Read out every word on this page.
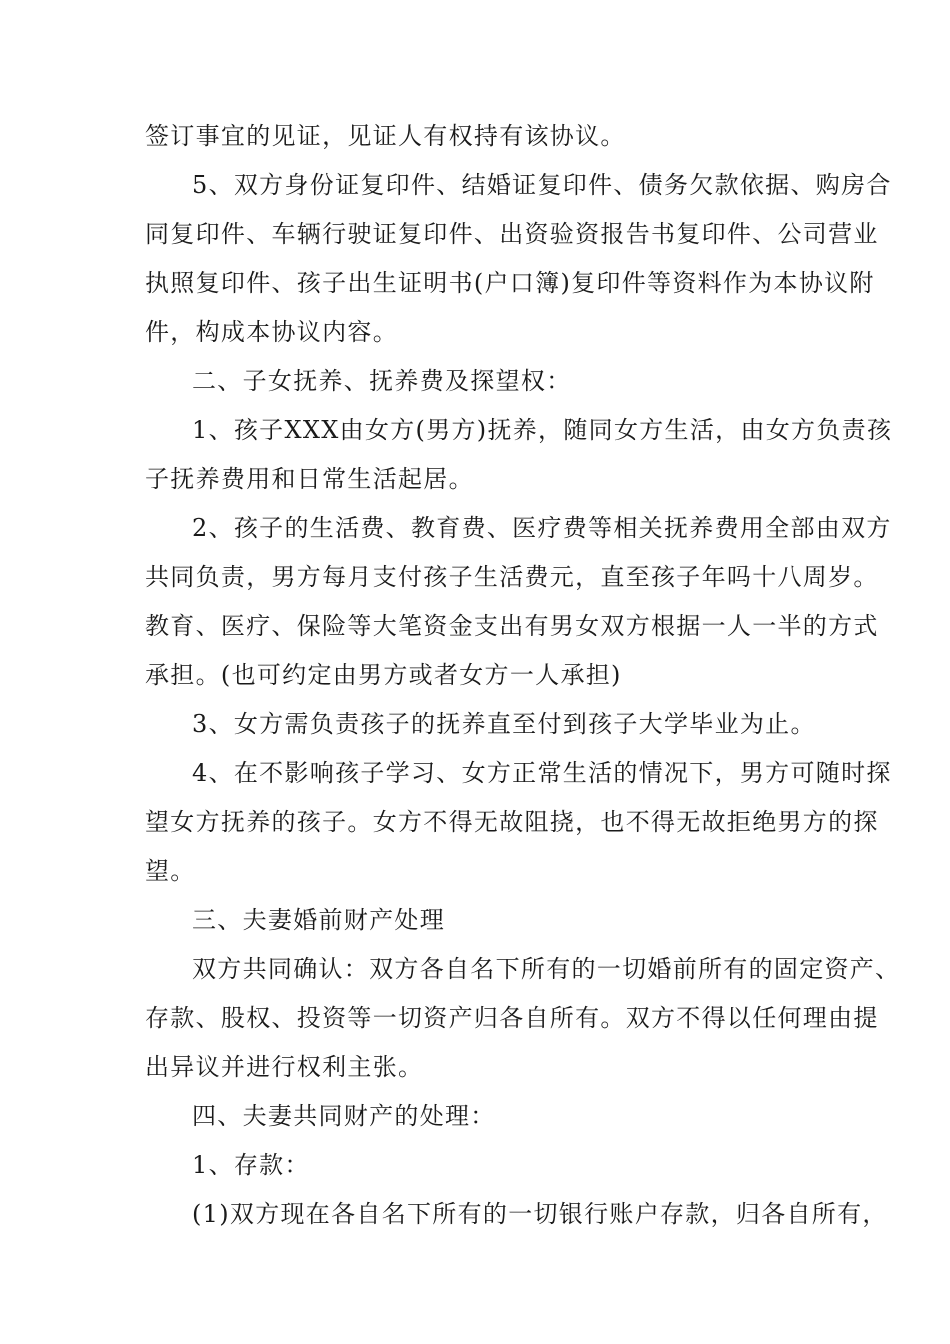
签订事宜的见证，见证人有权持有该协议。
5、双方身份证复印件、结婚证复印件、债务欠款依据、购房合
同复印件、车辆行驶证复印件、出资验资报告书复印件、公司营业
执照复印件、孩子出生证明书(户口簿)复印件等资料作为本协议附
件，构成本协议内容。
二、子女抚养、抚养费及探望权：
1、孩子XXX由女方(男方)抚养，随同女方生活，由女方负责孩
子抚养费用和日常生活起居。
2、孩子的生活费、教育费、医疗费等相关抚养费用全部由双方
共同负责，男方每月支付孩子生活费元，直至孩子年吗十八周岁。
教育、医疗、保险等大笔资金支出有男女双方根据一人一半的方式
承担。(也可约定由男方或者女方一人承担)
3、女方需负责孩子的抚养直至付到孩子大学毕业为止。
4、在不影响孩子学习、女方正常生活的情况下，男方可随时探
望女方抚养的孩子。女方不得无故阻挠，也不得无故拒绝男方的探
望。
三、夫妻婚前财产处理
双方共同确认：双方各自名下所有的一切婚前所有的固定资产、
存款、股权、投资等一切资产归各自所有。双方不得以任何理由提
出异议并进行权利主张。
四、夫妻共同财产的处理：
1、存款：
(1)双方现在各自名下所有的一切银行账户存款，归各自所有，
